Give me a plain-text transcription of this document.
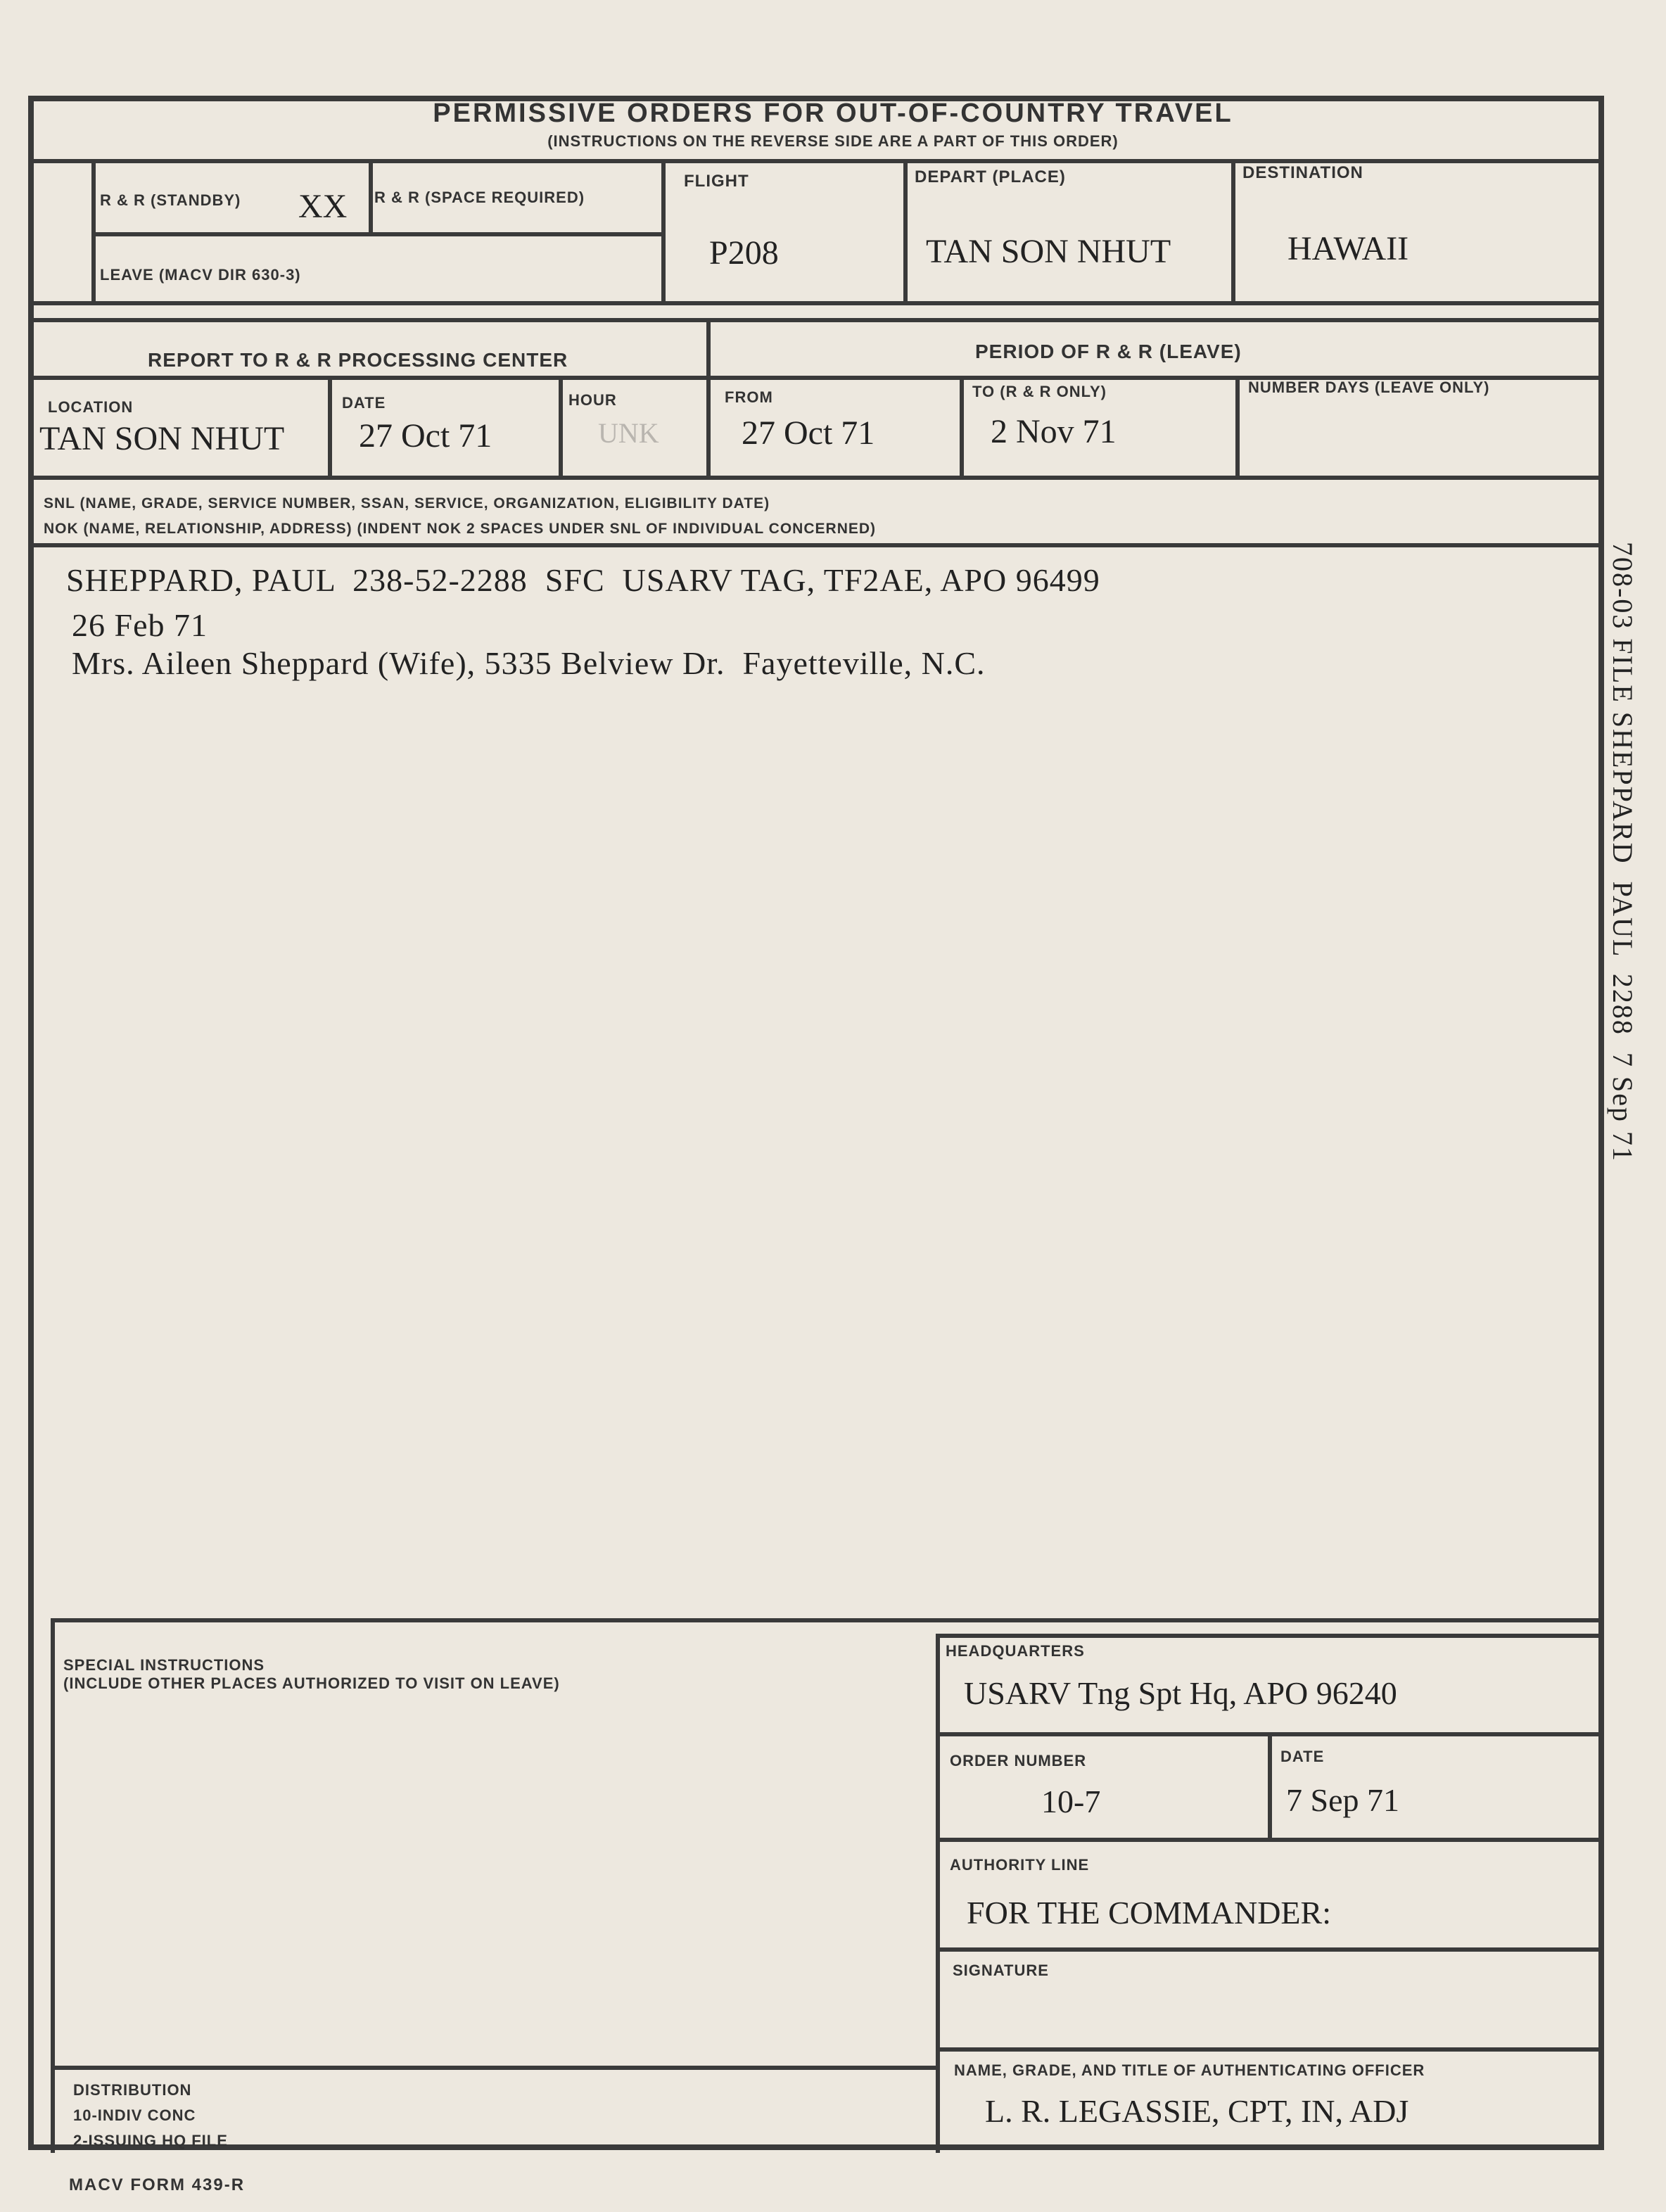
PERMISSIVE ORDERS FOR OUT-OF-COUNTRY TRAVEL
(INSTRUCTIONS ON THE REVERSE SIDE ARE A PART OF THIS ORDER)
R & R (STANDBY) XX R & R (SPACE REQUIRED)
LEAVE (MACV DIR 630-3)
FLIGHT
P208
DEPART (PLACE)
TAN SON NHUT
DESTINATION
HAWAII
REPORT TO R & R PROCESSING CENTER	PERIOD OF R & R (LEAVE)
LOCATION
TAN SON NHUT
DATE
27 Oct 71
HOUR
UNK
FROM
27 Oct 71
TO (R & R ONLY)
2 Nov 71
NUMBER DAYS (LEAVE ONLY)
SNL (NAME, GRADE, SERVICE NUMBER, SSAN, SERVICE, ORGANIZATION, ELIGIBILITY DATE)
NOK (NAME, RELATIONSHIP, ADDRESS) (INDENT NOK 2 SPACES UNDER SNL OF INDIVIDUAL CONCERNED)
SHEPPARD, PAUL  238-52-2288  SFC  USARV TAG, TF2AE, APO 96499
26 Feb 71
Mrs. Aileen Sheppard (Wife), 5335 Belview Dr.  Fayetteville, N.C.	708-03 FILE SHEPPARD  PAUL  2288  7 Sep 71
SPECIAL INSTRUCTIONS
(INCLUDE OTHER PLACES AUTHORIZED TO VISIT ON LEAVE)
DISTRIBUTION
10-INDIV CONC
2-ISSUING HQ FILE
HEADQUARTERS
USARV Tng Spt Hq, APO 96240
ORDER NUMBER
10-7
DATE
7 Sep 71
AUTHORITY LINE
FOR THE COMMANDER:
SIGNATURE
NAME, GRADE, AND TITLE OF AUTHENTICATING OFFICER
L. R. LEGASSIE, CPT, IN, ADJ
MACV FORM 439-R
